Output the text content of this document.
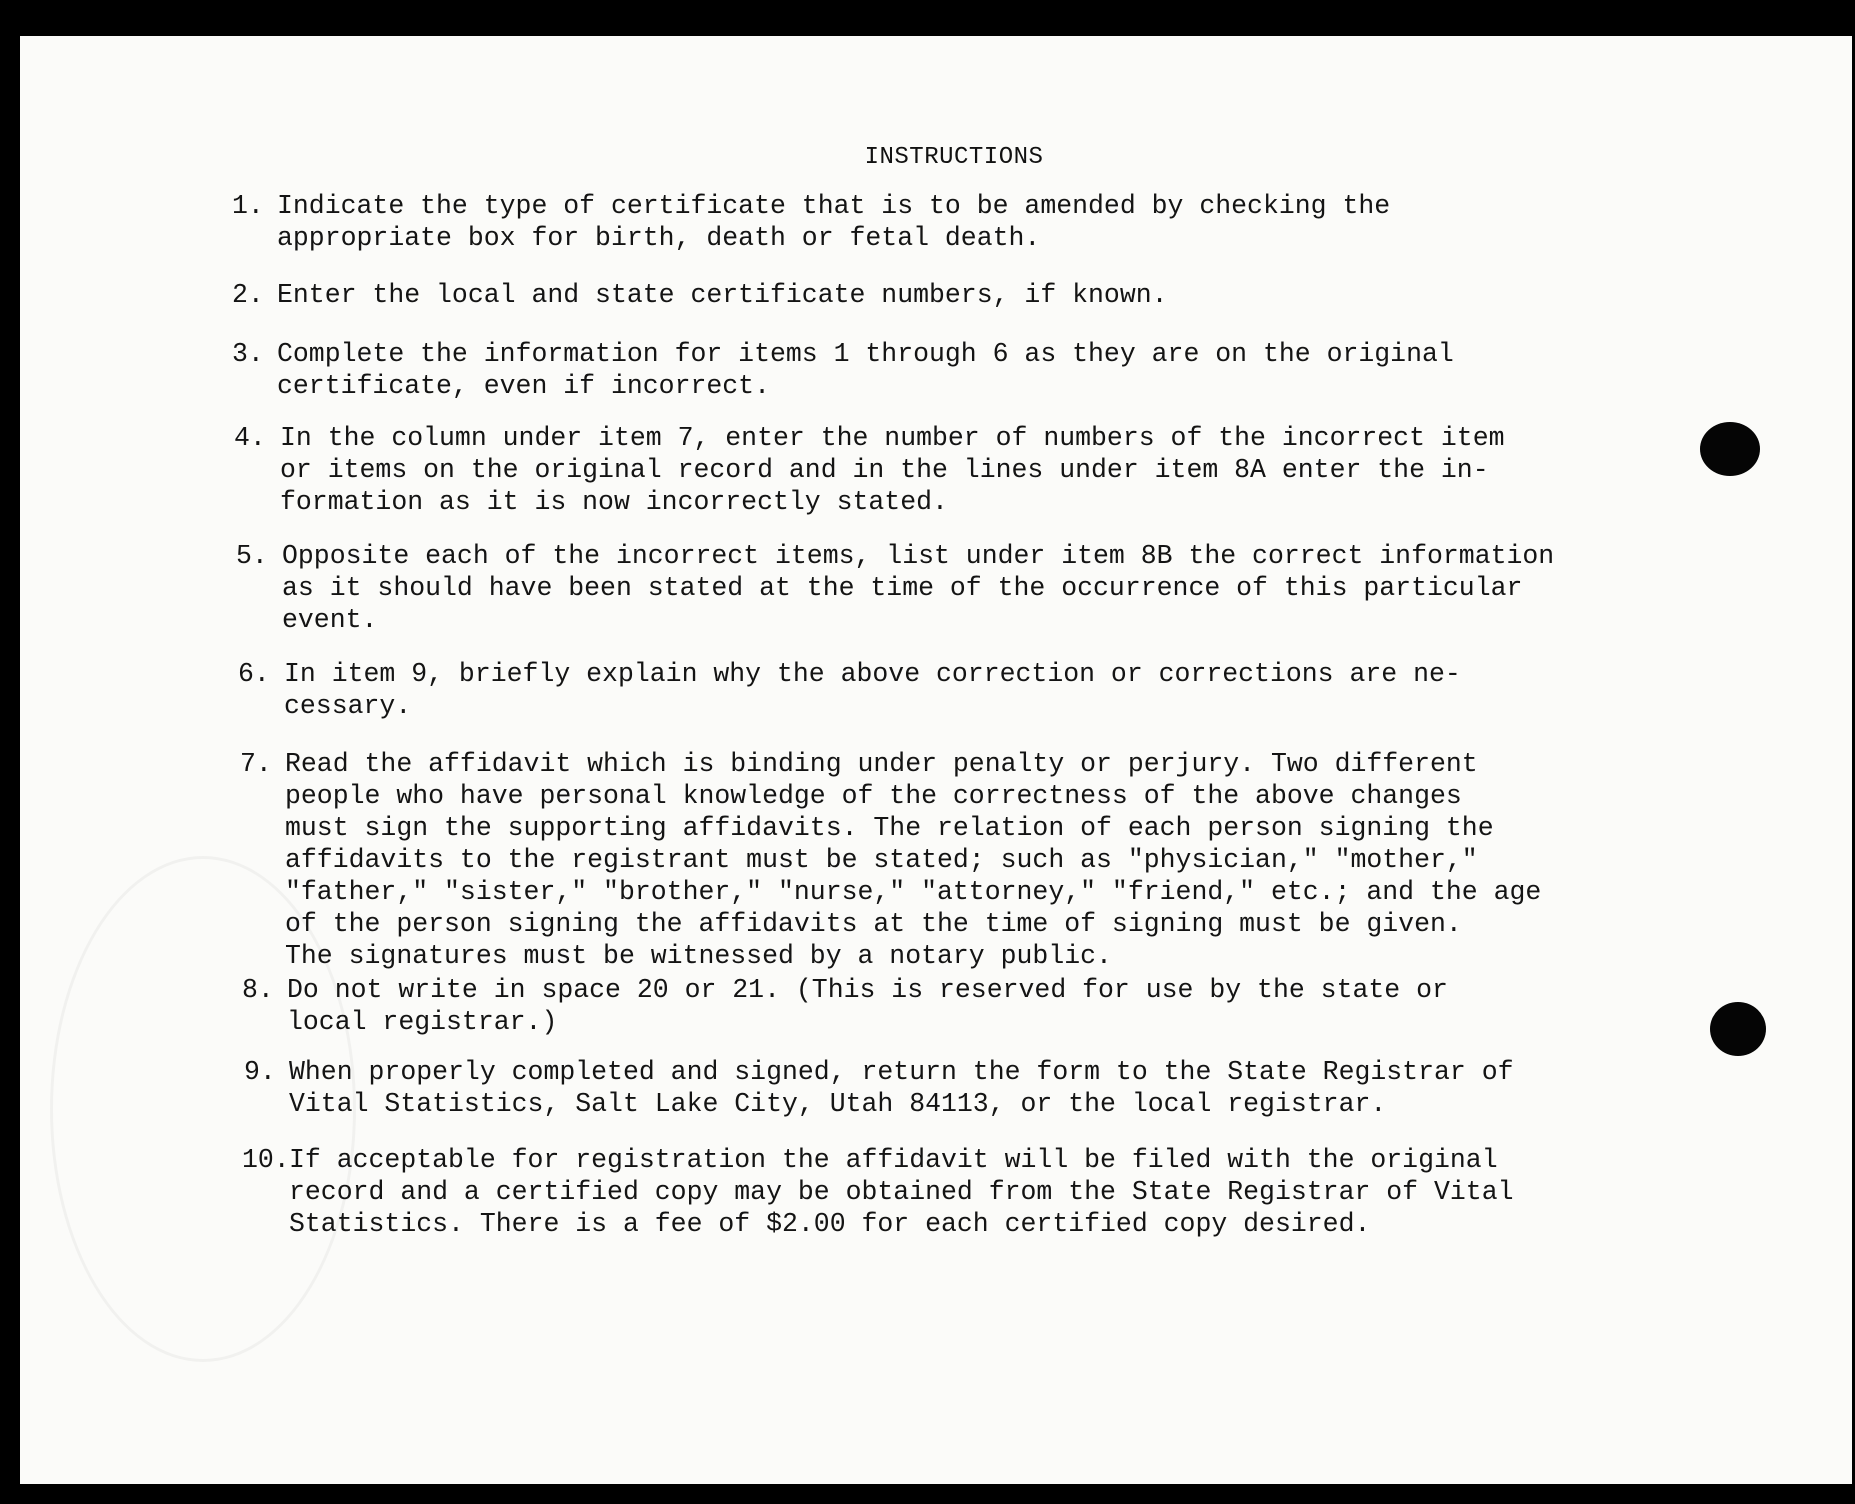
INSTRUCTIONS
1. Indicate the type of certificate that is to be amended by checking the
appropriate box for birth, death or fetal death.
2. Enter the local and state certificate numbers, if known.
3. Complete the information for items 1 through 6 as they are on the original
certificate, even if incorrect.
4. In the column under item 7, enter the number of numbers of the incorrect item
or items on the original record and in the lines under item 8A enter the in-
formation as it is now incorrectly stated.
5. Opposite each of the incorrect items, list under item 8B the correct information
as it should have been stated at the time of the occurrence of this particular
event.
6. In item 9, briefly explain why the above correction or corrections are ne-
cessary.
7. Read the affidavit which is binding under penalty or perjury. Two different
people who have personal knowledge of the correctness of the above changes
must sign the supporting affidavits. The relation of each person signing the
affidavits to the registrant must be stated; such as "physician," "mother,"
"father," "sister," "brother," "nurse," "attorney," "friend," etc.; and the age
of the person signing the affidavits at the time of signing must be given.
The signatures must be witnessed by a notary public.
8. Do not write in space 20 or 21. (This is reserved for use by the state or
local registrar.)
9. When properly completed and signed, return the form to the State Registrar of
Vital Statistics, Salt Lake City, Utah 84113, or the local registrar.
10. If acceptable for registration the affidavit will be filed with the original
record and a certified copy may be obtained from the State Registrar of Vital
Statistics. There is a fee of $2.00 for each certified copy desired.
